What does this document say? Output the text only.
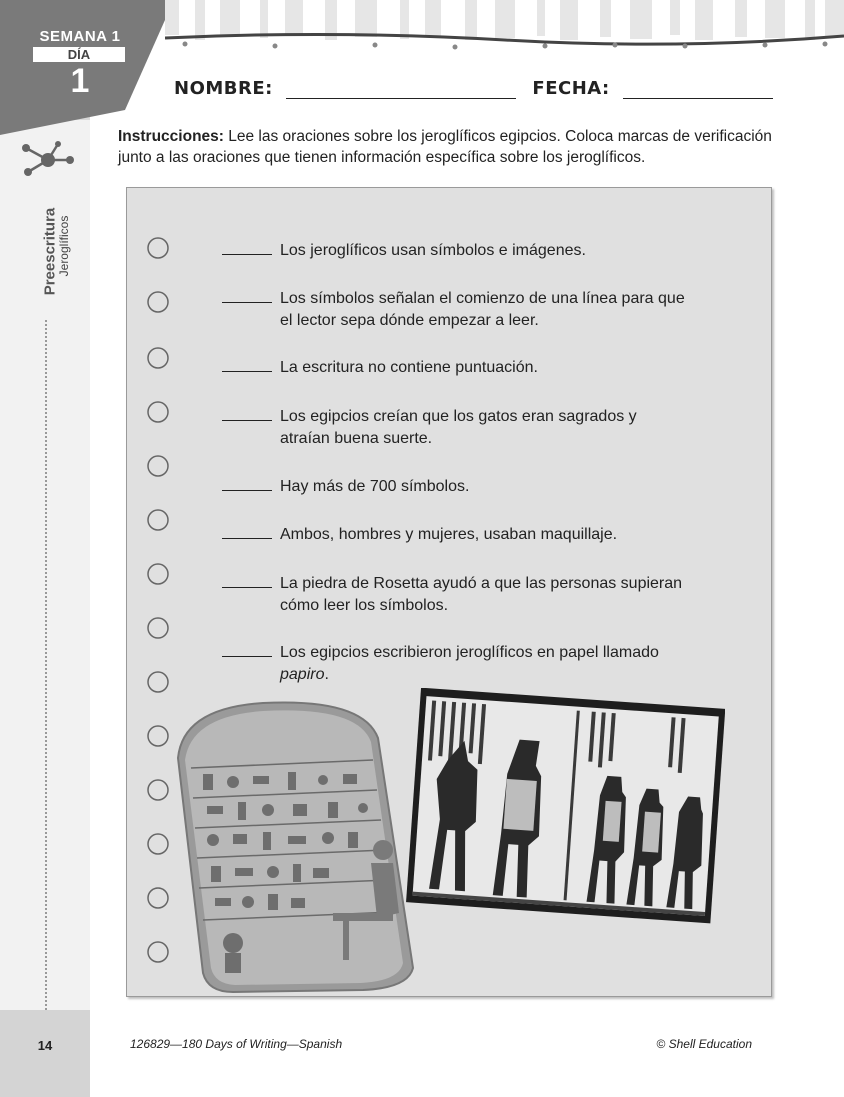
SEMANA 1
DÍA
1
Preescritura
Jeroglíficos
14
NOMBRE:	FECHA:
Instrucciones: Lee las oraciones sobre los jeroglíficos egipcios. Coloca marcas de verificación junto a las oraciones que tienen información específica sobre los jeroglíficos.
Los jeroglíficos usan símbolos e imágenes.
Los símbolos señalan el comienzo de una línea para que
el lector sepa dónde empezar a leer.
La escritura no contiene puntuación.
Los egipcios creían que los gatos eran sagrados y
atraían buena suerte.
Hay más de 700 símbolos.
Ambos, hombres y mujeres, usaban maquillaje.
La piedra de Rosetta ayudó a que las personas supieran
cómo leer los símbolos.
Los egipcios escribieron jeroglíficos en papel llamado
papiro.
126829—180 Days of Writing—Spanish	© Shell Education
